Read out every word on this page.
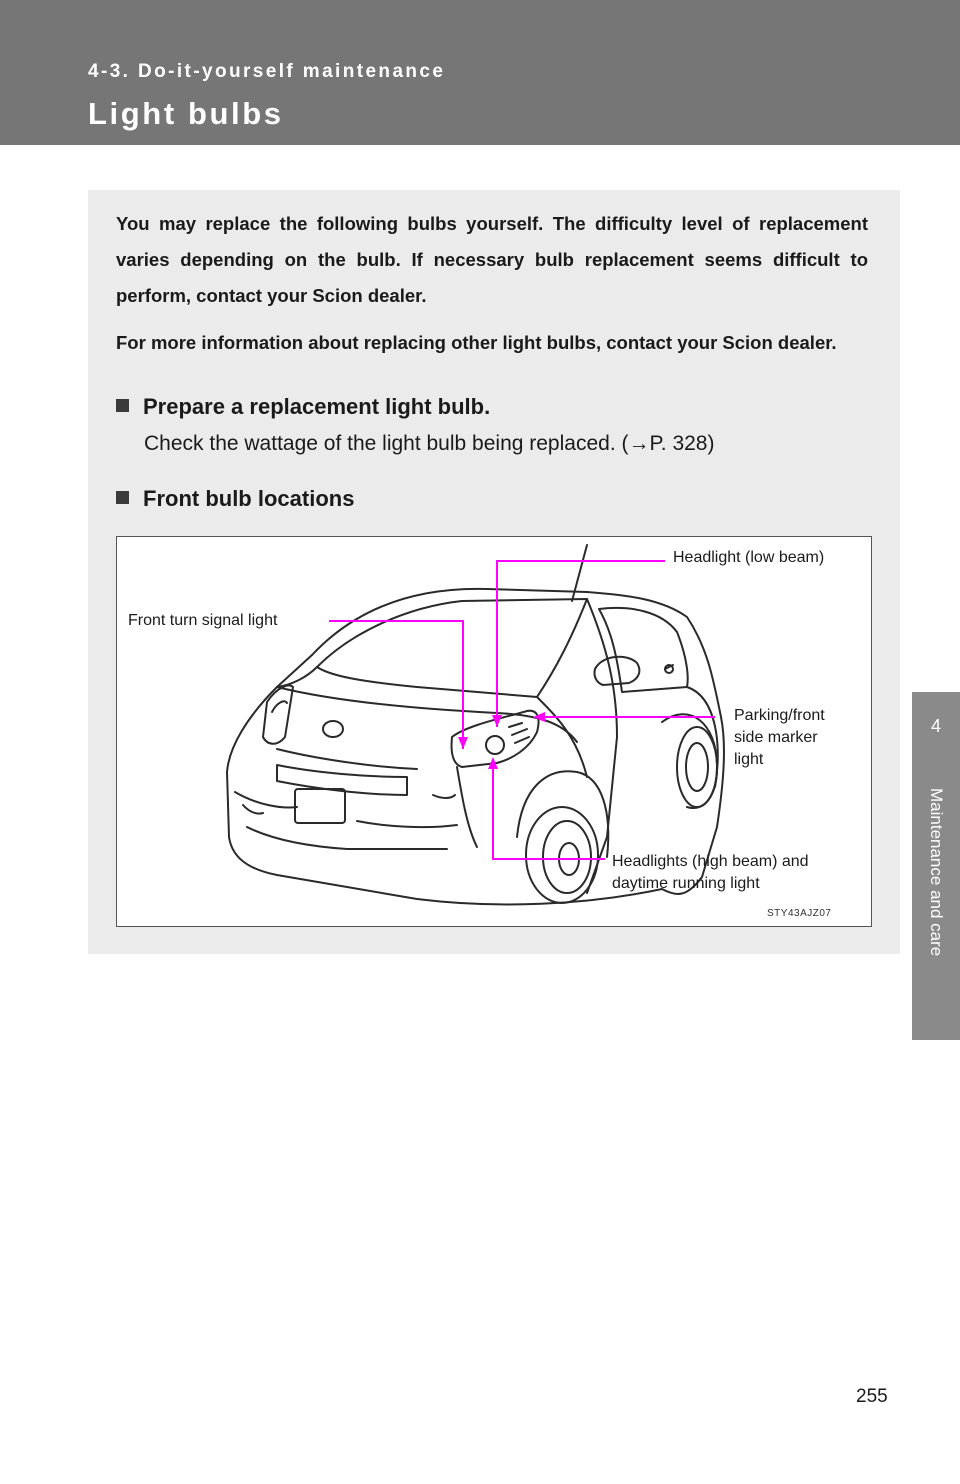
4-3. Do-it-yourself maintenance
Light bulbs
4
Maintenance and care

You may replace the following bulbs yourself. The difficulty level of replacement varies depending on the bulb. If necessary bulb replacement seems difficult to perform, contact your Scion dealer.

For more information about replacing other light bulbs, contact your Scion dealer.

Prepare a replacement light bulb.
Check the wattage of the light bulb being replaced. (→P. 328)
Front bulb locations
Headlight (low beam)
Front turn signal light
Parking/front
side marker
light
Headlights (high beam) and
daytime running light
STY43AJZ07
255
